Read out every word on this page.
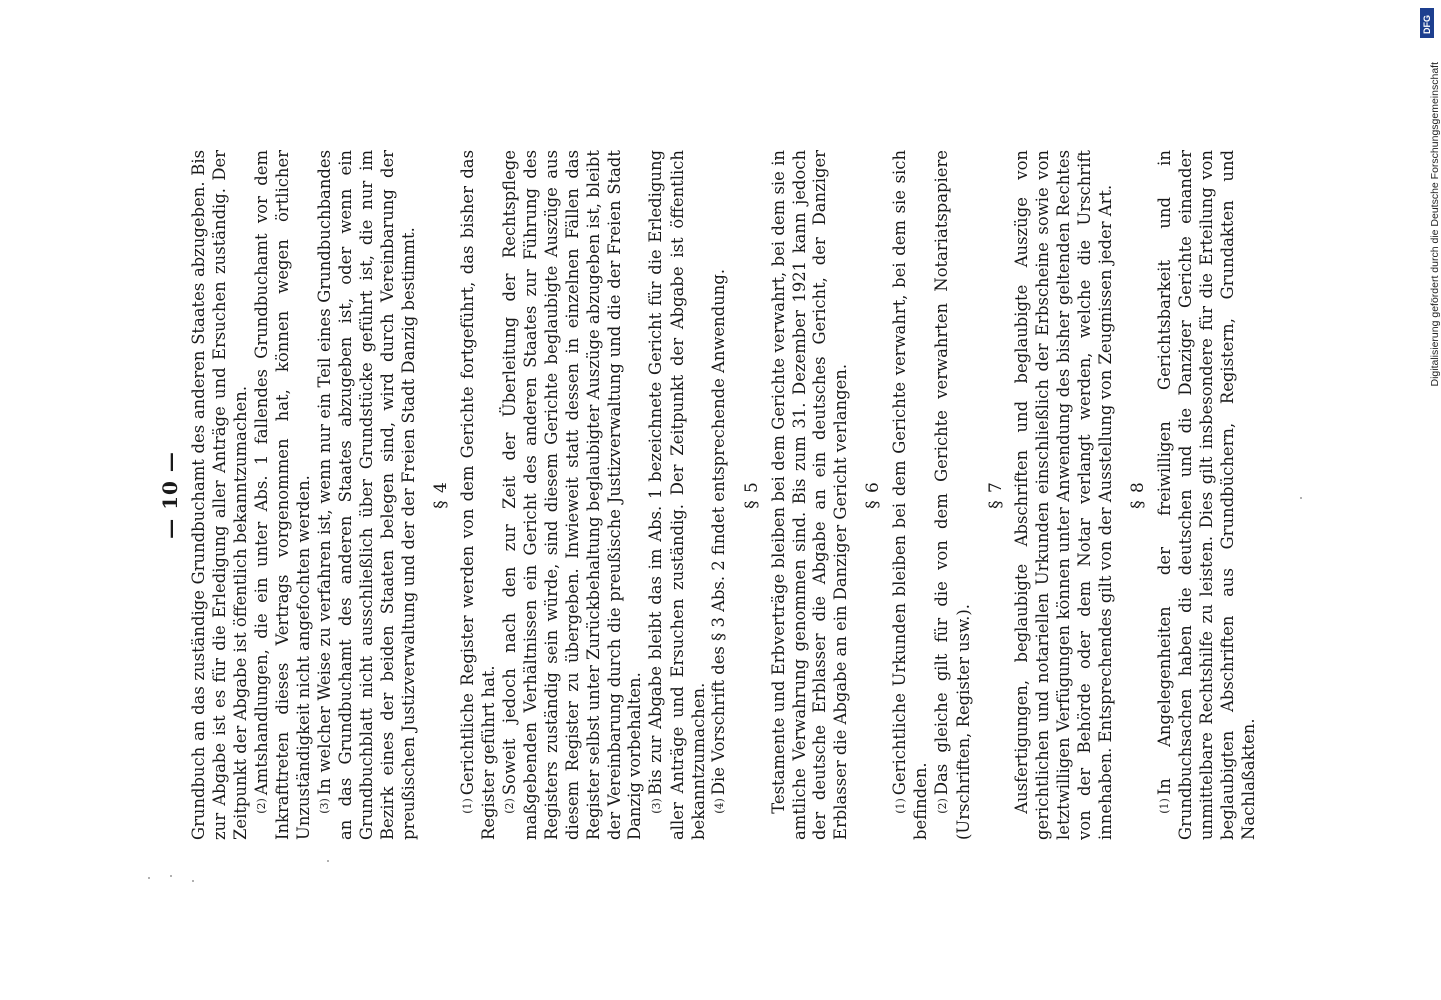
— 10 — Grundbuch an das zuständige Grundbuchamt des anderen Staates abzugeben. Bis zur Abgabe ist es für die Erledigung aller Anträge und Ersuchen zuständig. Der Zeitpunkt der Abgabe ist öffentlich bekanntzumachen. (2)Amtshandlungen, die ein unter Abs. 1 fallendes Grundbuchamt vor dem Inkrafttreten dieses Vertrags vorgenommen hat, können wegen örtlicher Unzuständigkeit nicht angefochten werden. (3)In welcher Weise zu verfahren ist, wenn nur ein Teil eines Grundbuchbandes an das Grundbuchamt des anderen Staates abzugeben ist, oder wenn ein Grundbuchblatt nicht ausschließlich über Grundstücke geführt ist, die nur im Bezirk eines der beiden Staaten belegen sind, wird durch Vereinbarung der preußischen Justizverwaltung und der der Freien Stadt Danzig bestimmt. § 4

(1)Gerichtliche Register werden von dem Gerichte fortgeführt, das bisher das Register geführt hat. (2)Soweit jedoch nach den zur Zeit der Überleitung der Rechtspflege maßgebenden Verhältnissen ein Gericht des anderen Staates zur Führung des Registers zuständig sein würde, sind diesem Gerichte beglaubigte Auszüge aus diesem Register zu übergeben. Inwieweit statt dessen in einzelnen Fällen das Register selbst unter Zurückbehaltung beglaubigter Auszüge abzugeben ist, bleibt der Vereinbarung durch die preußische Justizverwaltung und die der Freien Stadt Danzig vorbehalten. (3)Bis zur Abgabe bleibt das im Abs. 1 bezeichnete Gericht für die Erledigung aller Anträge und Ersuchen zuständig. Der Zeitpunkt der Abgabe ist öffentlich bekanntzumachen. (4)Die Vorschrift des § 3 Abs. 2 findet entsprechende Anwendung. § 5 Testamente und Erbverträge bleiben bei dem Gerichte verwahrt, bei dem sie in amtliche Verwahrung genommen sind. Bis zum 31. Dezember 1921 kann jedoch der deutsche Erblasser die Abgabe an ein deutsches Gericht, der Danziger Erblasser die Abgabe an ein Danziger Gericht verlangen. § 6

(1)Gerichtliche Urkunden bleiben bei dem Gerichte verwahrt, bei dem sie sich befinden. (2)Das gleiche gilt für die von dem Gerichte verwahrten Notariatspapiere (Urschriften, Register usw.).

§ 7 Ausfertigungen, beglaubigte Abschriften und beglaubigte Auszüge von gerichtlichen und notariellen Urkunden einschließlich der Erbscheine sowie von letztwilligen Verfügungen können unter Anwendung des bisher geltenden Rechtes von der Behörde oder dem Notar verlangt werden, welche die Urschrift innehaben. Entsprechendes gilt von der Ausstellung von Zeugnissen jeder Art. § 8

(1)In Angelegenheiten der freiwilligen Gerichtsbarkeit und in Grundbuchsachen haben die deutschen und die Danziger Gerichte einander unmittelbare Rechtshilfe zu leisten. Dies gilt insbesondere für die Erteilung von beglaubigten Abschriften aus Grundbüchern, Registern, Grundakten und Nachlaßakten.

Digitalisierung gefördert durch die Deutsche Forschungsgemeinschaft
DFG
